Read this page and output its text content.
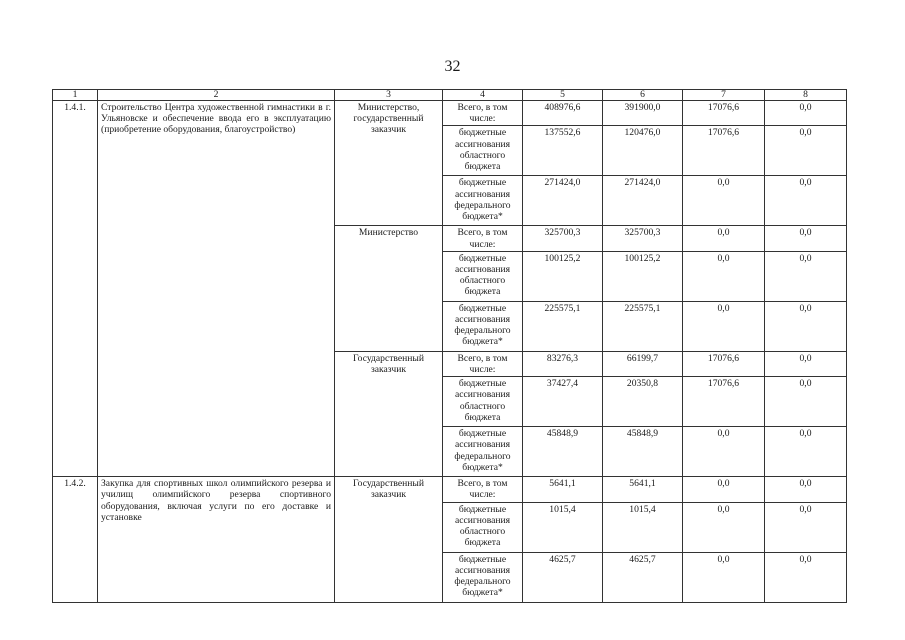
32
1	2	3	4	5	6	7	8
1.4.1.	Строительство Центра художественной гимнастики в г. Ульяновске и обеспечение ввода его в эксплуатацию (приобретение оборудования, благоустройство)	Министерство, государственный заказчик	Всего, в том числе:	408976,6	391900,0	17076,6	0,0
			бюджетные ассигнования областного бюджета	137552,6	120476,0	17076,6	0,0
			бюджетные ассигнования федерального бюджета*	271424,0	271424,0	0,0	0,0
		Министерство	Всего, в том числе:	325700,3	325700,3	0,0	0,0
			бюджетные ассигнования областного бюджета	100125,2	100125,2	0,0	0,0
			бюджетные ассигнования федерального бюджета*	225575,1	225575,1	0,0	0,0
		Государственный заказчик	Всего, в том числе:	83276,3	66199,7	17076,6	0,0
			бюджетные ассигнования областного бюджета	37427,4	20350,8	17076,6	0,0
			бюджетные ассигнования федерального бюджета*	45848,9	45848,9	0,0	0,0
1.4.2.	Закупка для спортивных школ олимпийского резерва и училищ олимпийского резерва спортивного оборудования, включая услуги по его доставке и установке	Государственный заказчик	Всего, в том числе:	5641,1	5641,1	0,0	0,0
			бюджетные ассигнования областного бюджета	1015,4	1015,4	0,0	0,0
			бюджетные ассигнования федерального бюджета*	4625,7	4625,7	0,0	0,0
